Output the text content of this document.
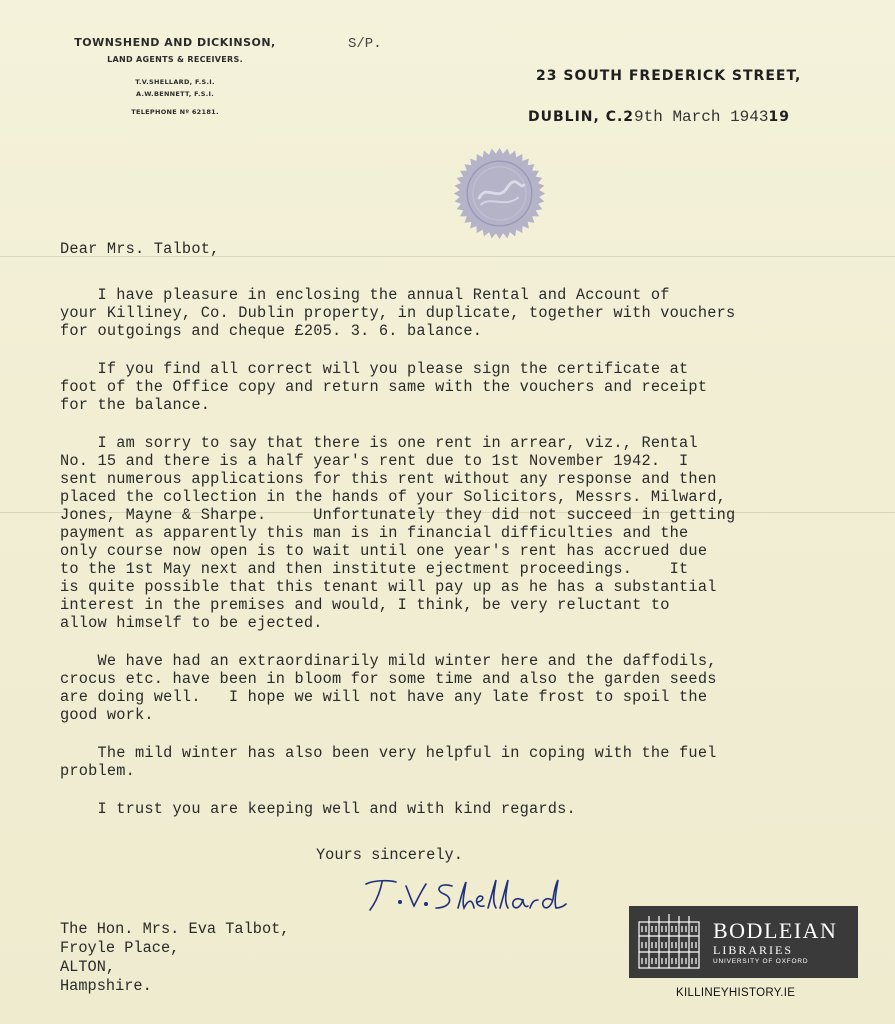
TOWNSHEND AND DICKINSON,
LAND AGENTS & RECEIVERS.
T.V.SHELLARD, F.S.I.
A.W.BENNETT, F.S.I.
TELEPHONE Nº 62181.
S/P.
23 SOUTH FREDERICK STREET,
DUBLIN, C.29th March 194319
Dear Mrs. Talbot,
I have pleasure in enclosing the annual Rental and Account of
your Killiney, Co. Dublin property, in duplicate, together with vouchers
for outgoings and cheque £205. 3. 6. balance.
If you find all correct will you please sign the certificate at
foot of the Office copy and return same with the vouchers and receipt
for the balance.
I am sorry to say that there is one rent in arrear, viz., Rental
No. 15 and there is a half year's rent due to 1st November 1942.  I
sent numerous applications for this rent without any response and then
placed the collection in the hands of your Solicitors, Messrs. Milward,
Jones, Mayne & Sharpe.     Unfortunately they did not succeed in getting
payment as apparently this man is in financial difficulties and the
only course now open is to wait until one year's rent has accrued due
to the 1st May next and then institute ejectment proceedings.    It
is quite possible that this tenant will pay up as he has a substantial
interest in the premises and would, I think, be very reluctant to
allow himself to be ejected.
We have had an extraordinarily mild winter here and the daffodils,
crocus etc. have been in bloom for some time and also the garden seeds
are doing well.   I hope we will not have any late frost to spoil the
good work.
The mild winter has also been very helpful in coping with the fuel
problem.
I trust you are keeping well and with kind regards.
Yours sincerely.
The Hon. Mrs. Eva Talbot,
Froyle Place,
ALTON,
Hampshire.
BODLEIAN
LIBRARIES
UNIVERSITY OF OXFORD
KILLINEYHISTORY.IE
